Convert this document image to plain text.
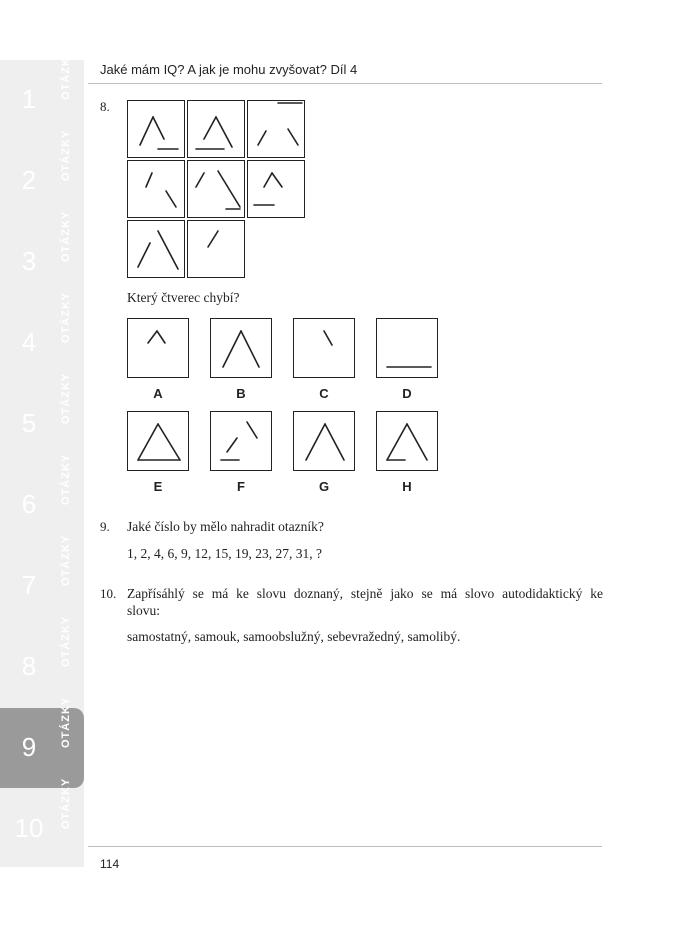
1	OTÁZKY
2	OTÁZKY
3	OTÁZKY
4	OTÁZKY
5	OTÁZKY
6	OTÁZKY
7	OTÁZKY
8	OTÁZKY
9	OTÁZKY
10	OTÁZKY
Jaké mám IQ? A jak je mohu zvyšovat? Díl 4
8.
Který čtverec chybí?
A	B	C	D
E	F	G	H
9. Jaké číslo by mělo nahradit otazník?
1, 2, 4, 6, 9, 12, 15, 19, 23, 27, 31, ?
10. Zapřísáhlý se má ke slovu doznaný, stejně jako se má slovo autodidaktický ke
slovu:
samostatný, samouk, samoobslužný, sebevražedný, samolibý.
114
